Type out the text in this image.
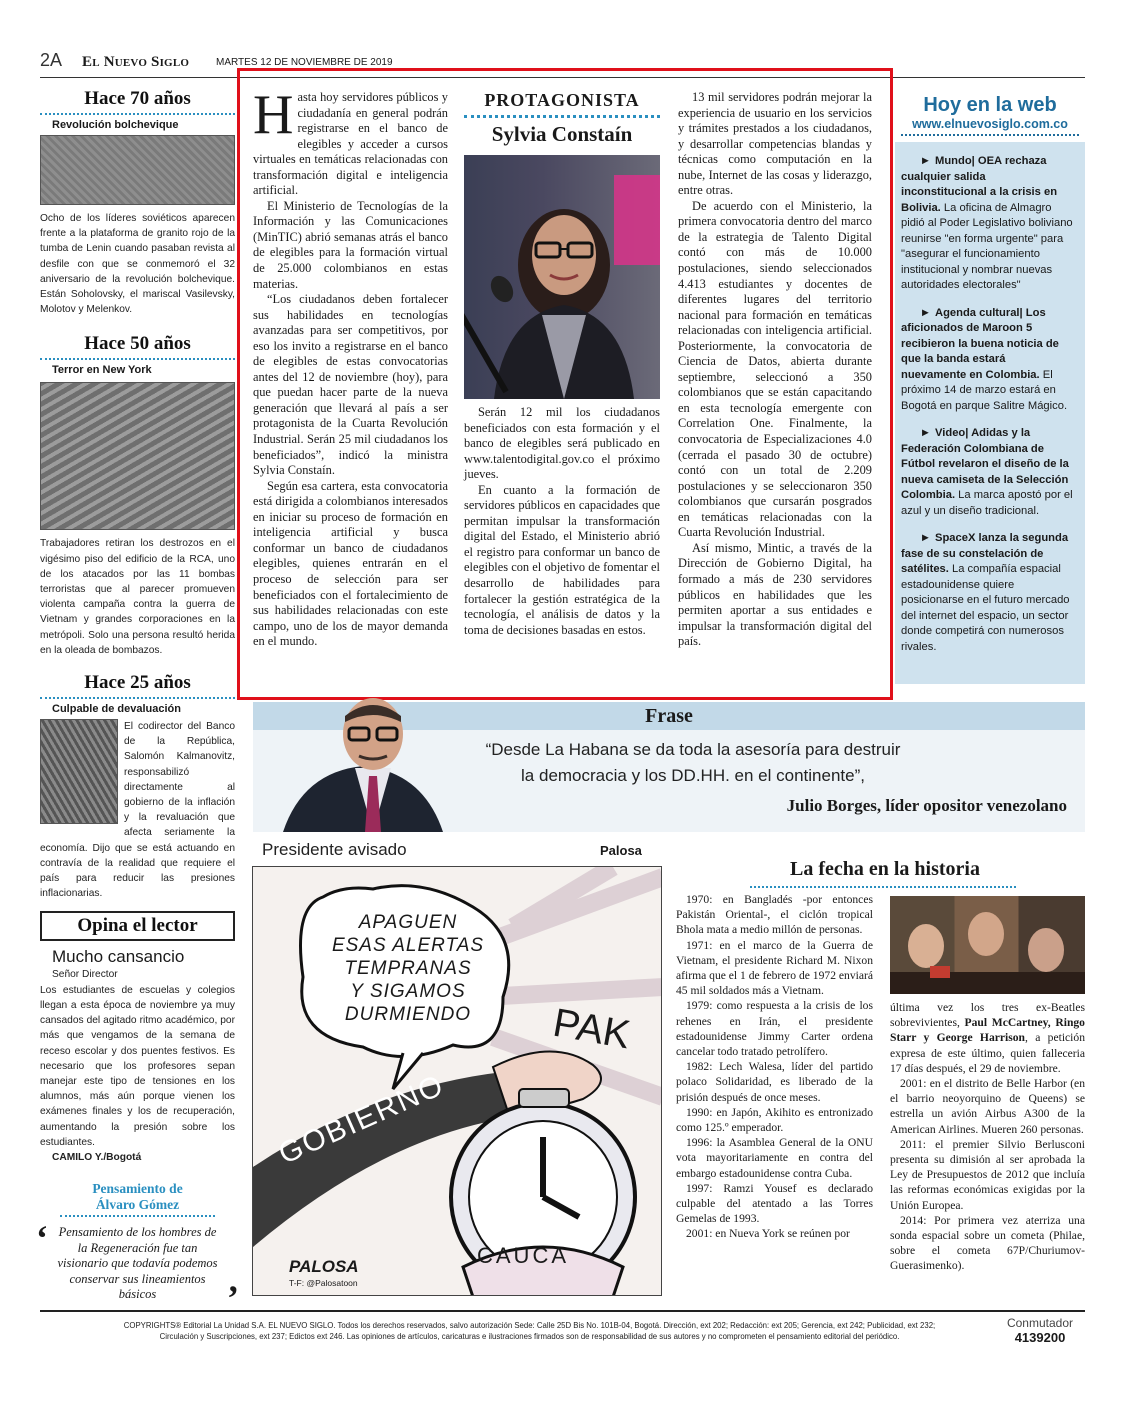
2A El Nuevo Siglo	MARTES 12 DE NOVIEMBRE DE 2019
Hace 70 años
Revolución bolchevique
Ocho de los líderes soviéticos aparecen frente a la plataforma de granito rojo de la tumba de Lenin cuando pasaban revista al desfile con que se conmemoró el 32 aniversario de la revolución bolchevique. Están Soholovsky, el mariscal Vasilevsky, Molotov y Melenkov.
Hace 50 años
Terror en New York
Trabajadores retiran los destrozos en el vigésimo piso del edificio de la RCA, uno de los atacados por las 11 bombas terroristas que al parecer promueven violenta campaña contra la guerra de Vietnam y grandes corporaciones en la metrópoli. Solo una persona resultó herida en la oleada de bombazos.
Hace 25 años
Culpable de devaluación
El codirector del Banco de la República, Salomón Kalmanovitz, responsabilizó directamente al gobierno de la inflación y la revaluación que afecta seriamente la economía. Dijo que se está actuando en contravía de la realidad que requiere el país para reducir las presiones inflacionarias.
Opina el lector
Mucho cansancio
Señor Director
Los estudiantes de escuelas y colegios llegan a esta época de noviembre ya muy cansados del agitado ritmo académico, por más que vengamos de la semana de receso escolar y dos puentes festivos. Es necesario que los profesores sepan manejar este tipo de tensiones en los alumnos, más aún porque vienen los exámenes finales y los de recuperación, aumentando la presión sobre los estudiantes.
CAMILO Y./Bogotá
Pensamiento de
Álvaro Gómez
‘ Pensamiento de los hombres de la Regeneración fue tan visionario que todavía podemos conservar sus lineamientos básicos	’

Hasta hoy servidores públicos y ciudadanía en general podrán registrarse en el banco de elegibles y acceder a cursos virtuales en temáticas relacionadas con transformación digital e inteligencia artificial.

El Ministerio de Tecnologías de la Información y las Comunicaciones (MinTIC) abrió semanas atrás el banco de elegibles para la formación virtual de 25.000 colombianos en estas materias.

“Los ciudadanos deben fortalecer sus habilidades en tecnologías avanzadas para ser competitivos, por eso los invito a registrarse en el banco de elegibles de estas convocatorias antes del 12 de noviembre (hoy), para que puedan hacer parte de la nueva generación que llevará al país a ser protagonista de la Cuarta Revolución Industrial. Serán 25 mil ciudadanos los beneficiados”, indicó la ministra Sylvia Constaín.

Según esa cartera, esta convocatoria está dirigida a colombianos interesados en iniciar su proceso de formación en inteligencia artificial y busca conformar un banco de ciudadanos elegibles, quienes entrarán en el proceso de selección para ser beneficiados con el fortalecimiento de sus habilidades relacionadas con este campo, uno de los de mayor demanda en el mundo.

PROTAGONISTA
Sylvia Constaín

Serán 12 mil los ciudadanos beneficiados con esta formación y el banco de elegibles será publicado en www.talentodigital.gov.co el próximo jueves.

En cuanto a la formación de servidores públicos en capacidades que permitan impulsar la transformación digital del Estado, el Ministerio abrió el registro para conformar un banco de elegibles con el objetivo de fomentar el desarrollo de habilidades para fortalecer la gestión estratégica de la tecnología, el análisis de datos y la toma de decisiones basadas en estos.

13 mil servidores podrán mejorar la experiencia de usuario en los servicios y trámites prestados a los ciudadanos, y desarrollar competencias blandas y técnicas como computación en la nube, Internet de las cosas y liderazgo, entre otras.

De acuerdo con el Ministerio, la primera convocatoria dentro del marco de la estrategia de Talento Digital contó con más de 10.000 postulaciones, siendo seleccionados 4.413 estudiantes y docentes de diferentes lugares del territorio nacional para formación en temáticas relacionadas con inteligencia artificial. Posteriormente, la convocatoria de Ciencia de Datos, abierta durante septiembre, seleccionó a 350 colombianos que se están capacitando en esta tecnología emergente con Correlation One. Finalmente, la convocatoria de Especializaciones 4.0 (cerrada el pasado 30 de octubre) contó con un total de 2.209 postulaciones y se seleccionaron 350 colombianos que cursarán posgrados en temáticas relacionadas con la Cuarta Revolución Industrial.

Así mismo, Mintic, a través de la Dirección de Gobierno Digital, ha formado a más de 230 servidores públicos en habilidades que les permiten aportar a sus entidades e impulsar la transformación digital del país.

Hoy en la web
www.elnuevosiglo.com.co
► Mundo| OEA rechaza cualquier salida inconstitucional a la crisis en Bolivia. La oficina de Almagro pidió al Poder Legislativo boliviano reunirse "en forma urgente" para "asegurar el funcionamiento institucional y nombrar nuevas autoridades electorales"
► Agenda cultural| Los aficionados de Maroon 5 recibieron la buena noticia de que la banda estará nuevamente en Colombia. El próximo 14 de marzo estará en Bogotá en parque Salitre Mágico.
► Video| Adidas y la Federación Colombiana de Fútbol revelaron el diseño de la nueva camiseta de la Selección Colombia. La marca apostó por el azul y un diseño tradicional.
► SpaceX lanza la segunda fase de su constelación de satélites. La compañía espacial estadounidense quiere posicionarse en el futuro mercado del internet del espacio, un sector donde competirá con numerosos rivales.
Frase
“Desde La Habana se da toda la asesoría para destruir
la democracia y los DD.HH. en el continente”,
Julio Borges, líder opositor venezolano
Presidente avisado	Palosa
APAGUEN
ESAS ALERTAS
TEMPRANAS
Y SIGAMOS
DURMIENDO
GOBIERNO
PAK
CAUCA
PALOSA
T-F: @Palosatoon
La fecha en la historia

1970: en Bangladés -por entonces Pakistán Oriental-, el ciclón tropical Bhola mata a medio millón de personas.

1971: en el marco de la Guerra de Vietnam, el presidente Richard M. Nixon afirma que el 1 de febrero de 1972 enviará 45 mil soldados más a Vietnam.

1979: como respuesta a la crisis de los rehenes en Irán, el presidente estadounidense Jimmy Carter ordena cancelar todo tratado petrolífero.

1982: Lech Walesa, líder del partido polaco Solidaridad, es liberado de la prisión después de once meses.

1990: en Japón, Akihito es entronizado como 125.º emperador.

1996: la Asamblea General de la ONU vota mayoritariamente en contra del embargo estadounidense contra Cuba.

1997: Ramzi Yousef es declarado culpable del atentado a las Torres Gemelas de 1993.

2001: en Nueva York se reúnen por

última vez los tres ex-Beatles sobrevivientes, Paul McCartney, Ringo Starr y George Harrison, a petición expresa de este último, quien falleceria 17 días después, el 29 de noviembre.

2001: en el distrito de Belle Harbor (en el barrio neoyorquino de Queens) se estrella un avión Airbus A300 de la American Airlines. Mueren 260 personas.

2011: el premier Silvio Berlusconi presenta su dimisión al ser aprobada la Ley de Presupuestos de 2012 que incluía las reformas económicas exigidas por la Unión Europea.

2014: Por primera vez aterriza una sonda espacial sobre un cometa (Philae, sobre el cometa 67P/Churiumov-Guerasimenko).

COPYRIGHTS® Editorial La Unidad S.A. EL NUEVO SIGLO. Todos los derechos reservados, salvo autorización Sede: Calle 25D Bis No. 101B-04, Bogotá. Dirección, ext 202; Redacción: ext 205; Gerencia, ext 242; Publicidad, ext 232;
Circulación y Suscripciones, ext 237; Edictos ext 246. Las opiniones de artículos, caricaturas e ilustraciones firmados son de responsabilidad de sus autores y no comprometen el pensamiento editorial del periódico.
Conmutador
4139200
